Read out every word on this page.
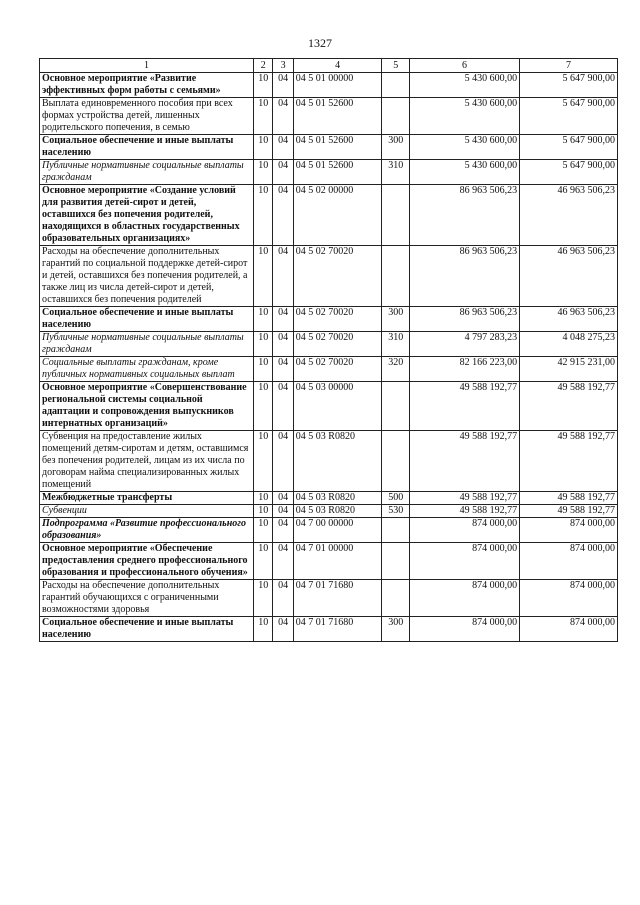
1327
1	2	3	4	5	6	7
Основное мероприятие «Развитие эффективных форм работы с семьями»	10	04	04 5 01 00000		5 430 600,00	5 647 900,00
Выплата единовременного пособия при всех формах устройства детей, лишенных родительского попечения, в семью	10	04	04 5 01 52600		5 430 600,00	5 647 900,00
Социальное обеспечение и иные выплаты населению	10	04	04 5 01 52600	300	5 430 600,00	5 647 900,00
Публичные нормативные социальные выплаты гражданам	10	04	04 5 01 52600	310	5 430 600,00	5 647 900,00
Основное мероприятие «Создание условий для развития детей-сирот и детей, оставшихся без попечения родителей, находящихся в областных государственных образовательных организациях»	10	04	04 5 02 00000		86 963 506,23	46 963 506,23
Расходы на обеспечение дополнительных гарантий по социальной поддержке детей-сирот и детей, оставшихся без попечения родителей, а также лиц из числа детей-сирот и детей, оставшихся без попечения родителей	10	04	04 5 02 70020		86 963 506,23	46 963 506,23
Социальное обеспечение и иные выплаты населению	10	04	04 5 02 70020	300	86 963 506,23	46 963 506,23
Публичные нормативные социальные выплаты гражданам	10	04	04 5 02 70020	310	4 797 283,23	4 048 275,23
Социальные выплаты гражданам, кроме публичных нормативных социальных выплат	10	04	04 5 02 70020	320	82 166 223,00	42 915 231,00
Основное мероприятие «Совершенствование региональной системы социальной адаптации и сопровождения выпускников интернатных организаций»	10	04	04 5 03 00000		49 588 192,77	49 588 192,77
Субвенция на предоставление жилых помещений детям-сиротам и детям, оставшимся без попечения родителей, лицам из их числа по договорам найма специализированных жилых помещений	10	04	04 5 03 R0820		49 588 192,77	49 588 192,77
Межбюджетные трансферты	10	04	04 5 03 R0820	500	49 588 192,77	49 588 192,77
Субвенции	10	04	04 5 03 R0820	530	49 588 192,77	49 588 192,77
Подпрограмма «Развитие профессионального образования»	10	04	04 7 00 00000		874 000,00	874 000,00
Основное мероприятие «Обеспечение предоставления среднего профессионального образования и профессионального обучения»	10	04	04 7 01 00000		874 000,00	874 000,00
Расходы на обеспечение дополнительных гарантий обучающихся с ограниченными возможностями здоровья	10	04	04 7 01 71680		874 000,00	874 000,00
Социальное обеспечение и иные выплаты населению	10	04	04 7 01 71680	300	874 000,00	874 000,00
